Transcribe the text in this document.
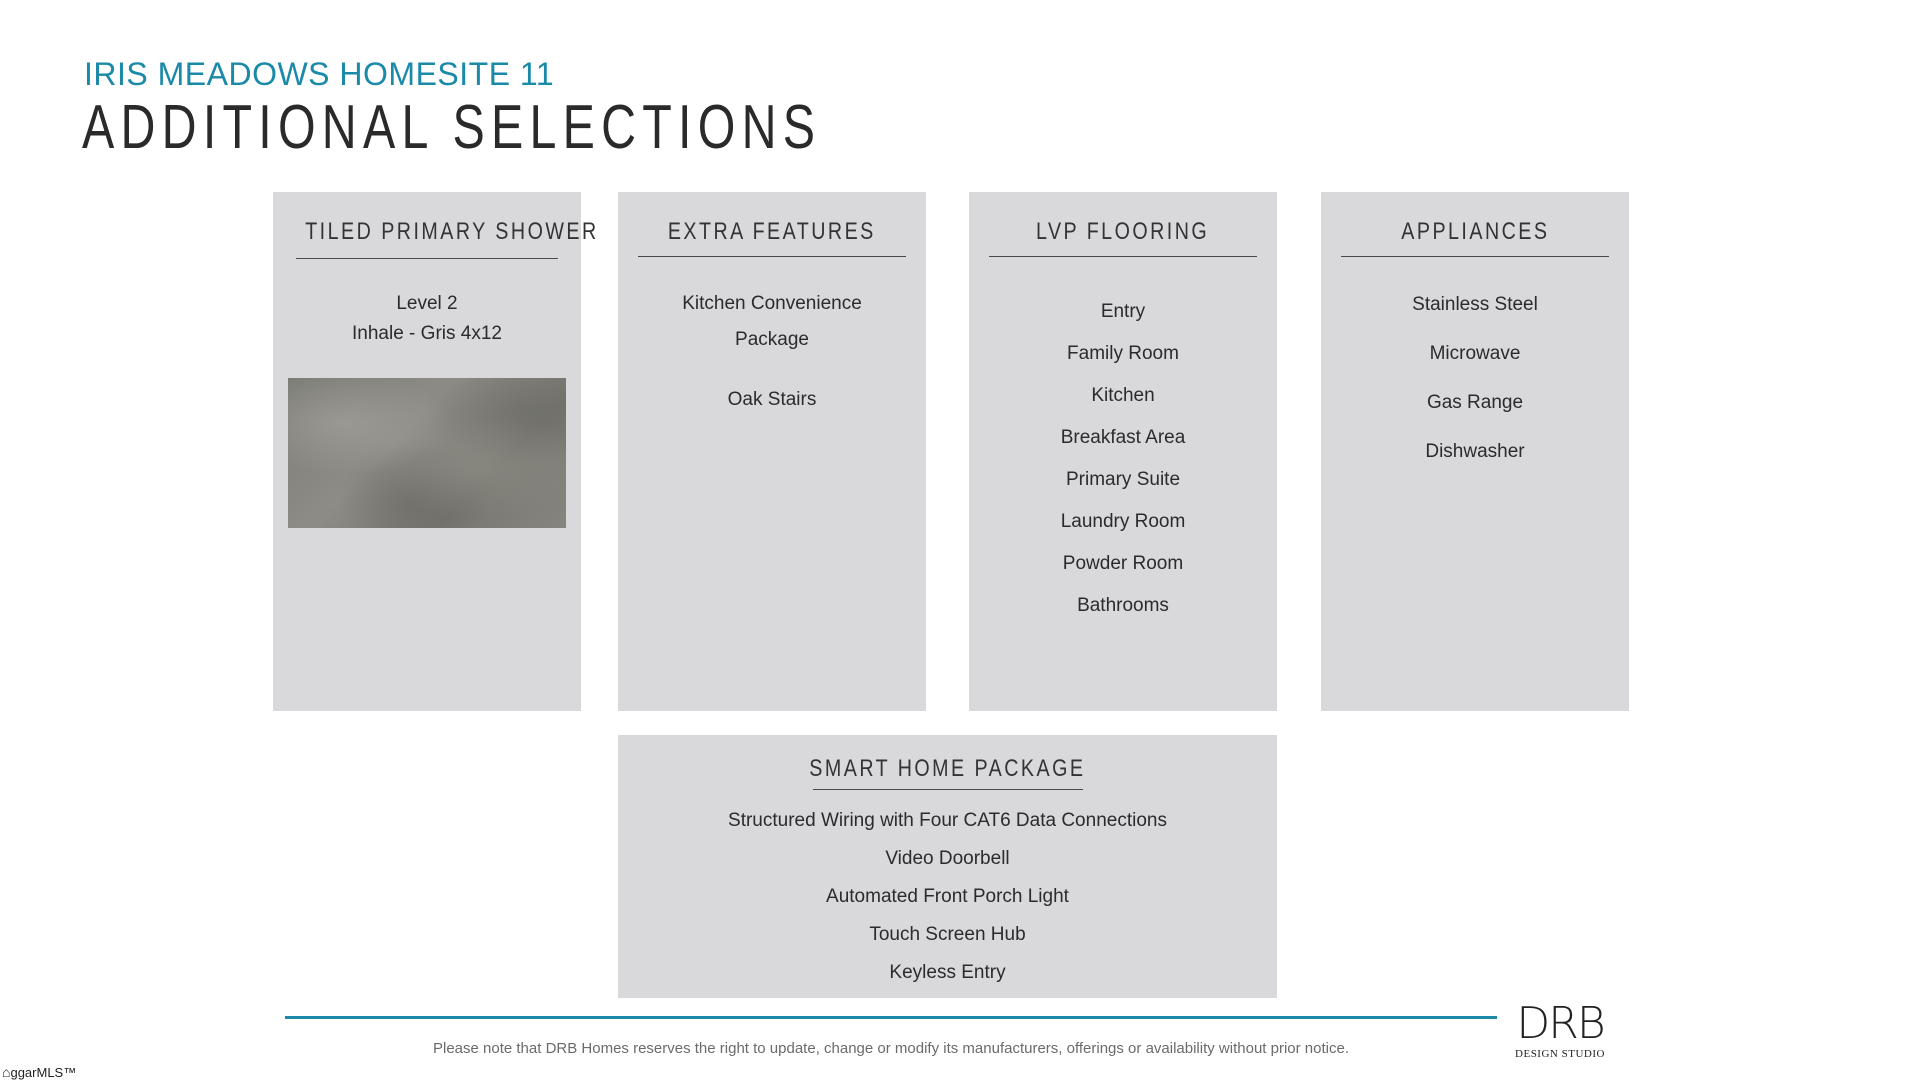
IRIS MEADOWS HOMESITE 11
ADDITIONAL SELECTIONS
TILED PRIMARY SHOWER
Level 2
Inhale - Gris 4x12
EXTRA FEATURES
Kitchen Convenience
Package
Oak Stairs
LVP FLOORING
Entry
Family Room
Kitchen
Breakfast Area
Primary Suite
Laundry Room
Powder Room
Bathrooms
APPLIANCES
Stainless Steel
Microwave
Gas Range
Dishwasher
SMART HOME PACKAGE
Structured Wiring with Four CAT6 Data Connections
Video Doorbell
Automated Front Porch Light
Touch Screen Hub
Keyless Entry
Please note that DRB Homes reserves the right to update, change or modify its manufacturers, offerings or availability without prior notice.	DRB
DESIGN STUDIO
⌂ggarMLS™
